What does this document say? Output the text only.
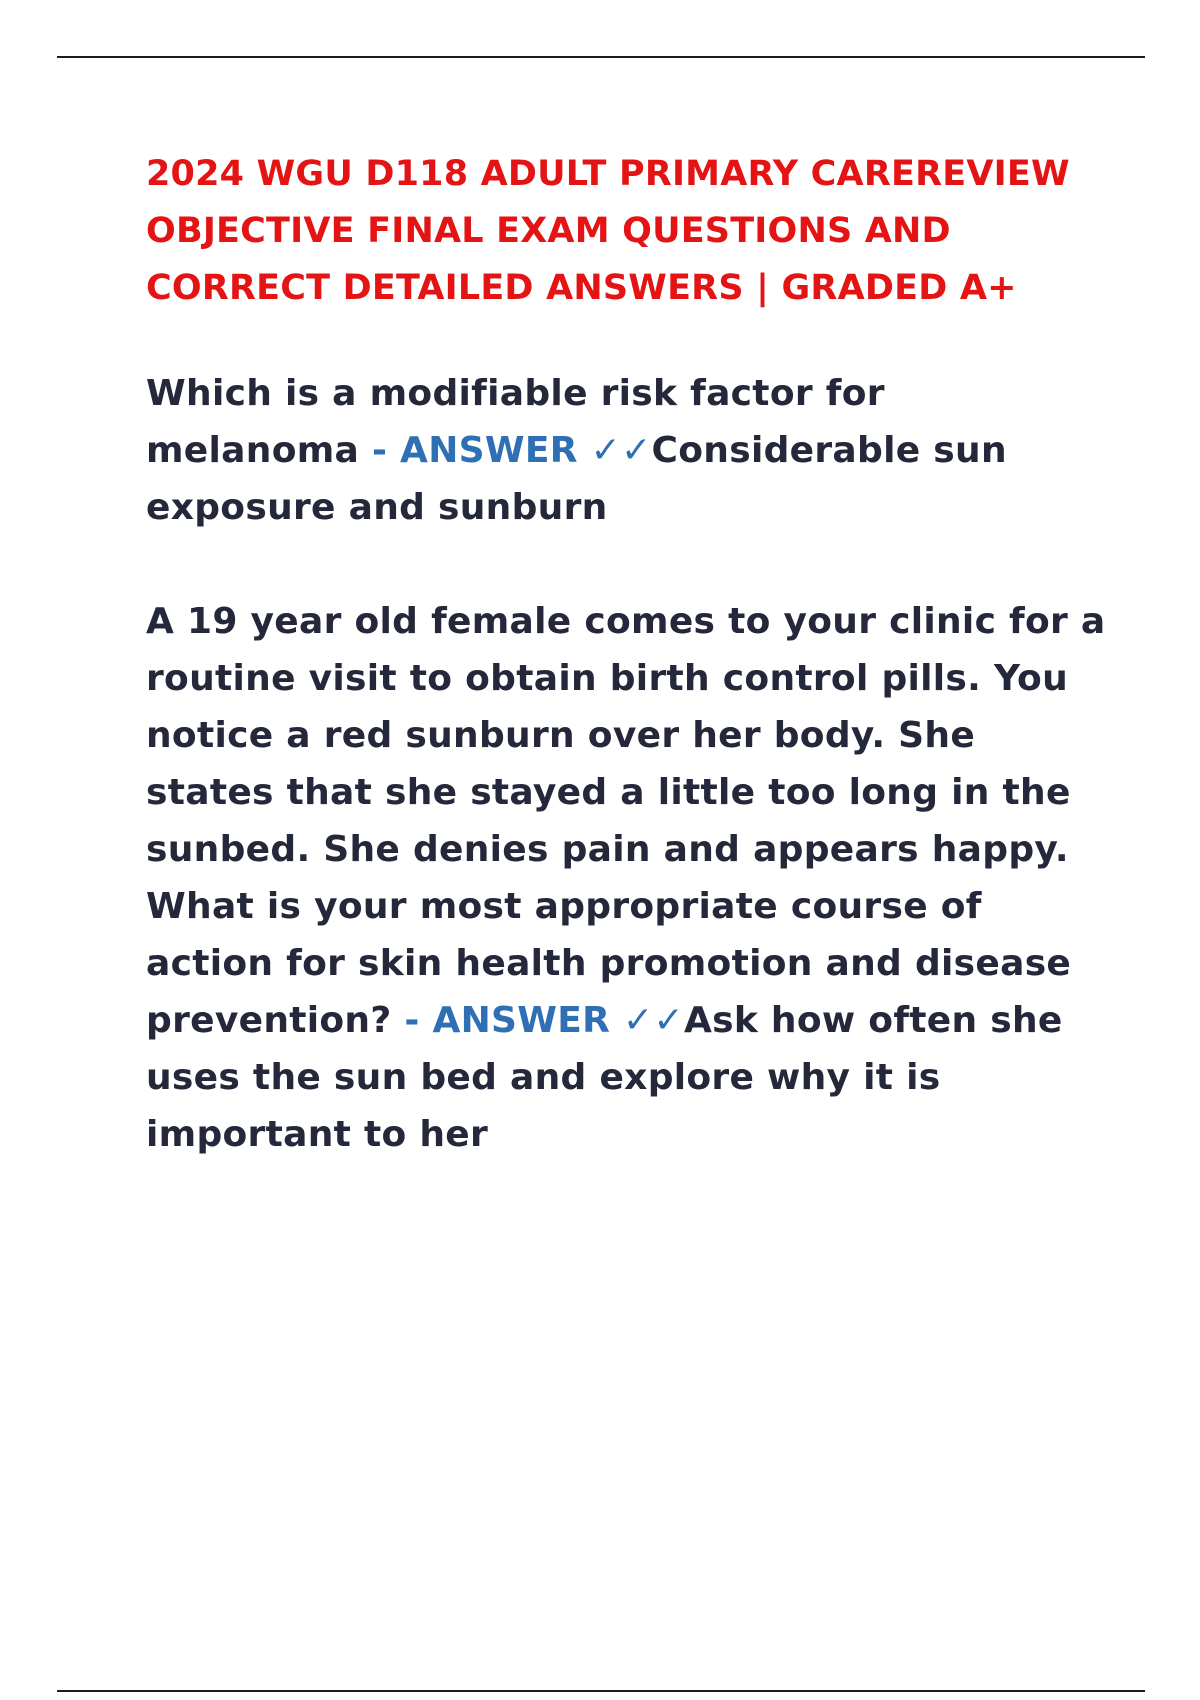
2024 WGU D118 ADULT PRIMARY CAREREVIEW OBJECTIVE FINAL EXAM QUESTIONS AND CORRECT DETAILED ANSWERS | GRADED A+

Which is a modifiable risk factor for melanoma - ANSWER ✓✓Considerable sun exposure and sunburn

A 19 year old female comes to your clinic for a routine visit to obtain birth control pills. You notice a red sunburn over her body. She states that she stayed a little too long in the sunbed. She denies pain and appears happy. What is your most appropriate course of action for skin health promotion and disease prevention? - ANSWER ✓✓Ask how often she uses the sun bed and explore why it is important to her
